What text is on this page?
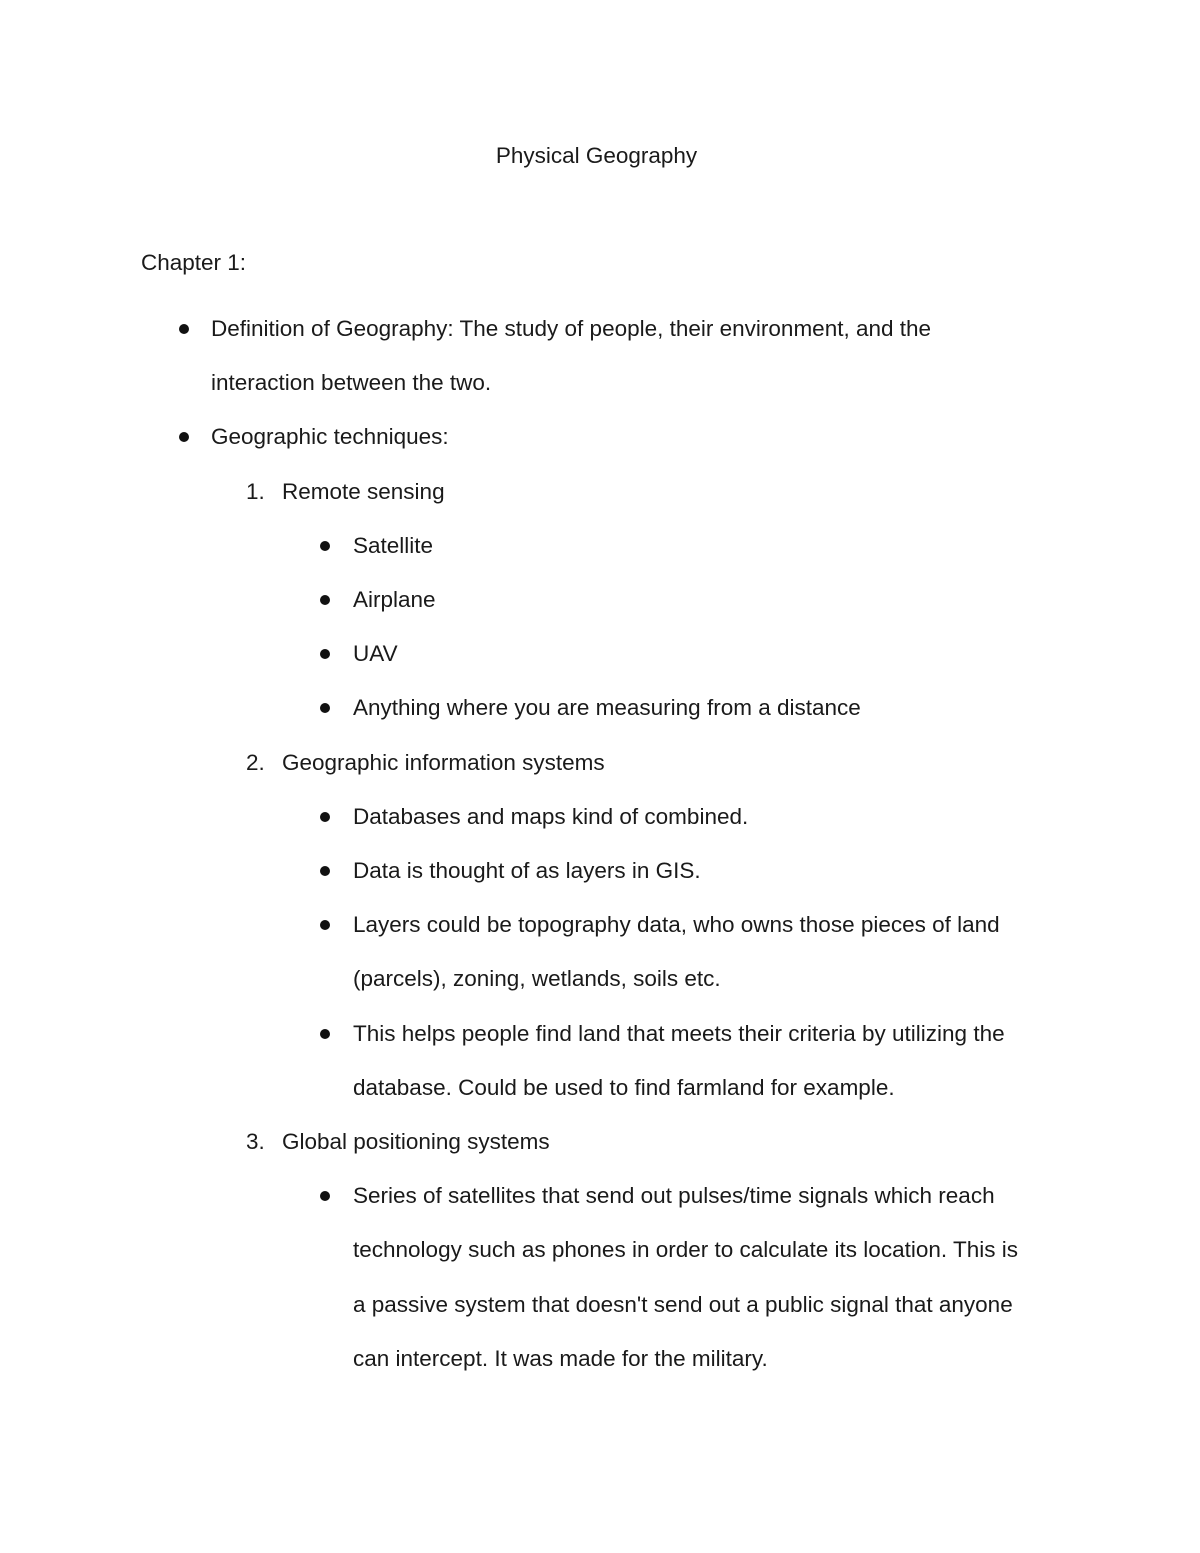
Physical Geography
Chapter 1:
Definition of Geography: The study of people, their environment, and the
interaction between the two.
Geographic techniques:
1. Remote sensing
Satellite
Airplane
UAV
Anything where you are measuring from a distance
2. Geographic information systems
Databases and maps kind of combined.
Data is thought of as layers in GIS.
Layers could be topography data, who owns those pieces of land
(parcels), zoning, wetlands, soils etc.
This helps people find land that meets their criteria by utilizing the
database. Could be used to find farmland for example.
3. Global positioning systems
Series of satellites that send out pulses/time signals which reach
technology such as phones in order to calculate its location. This is
a passive system that doesn't send out a public signal that anyone
can intercept. It was made for the military.
